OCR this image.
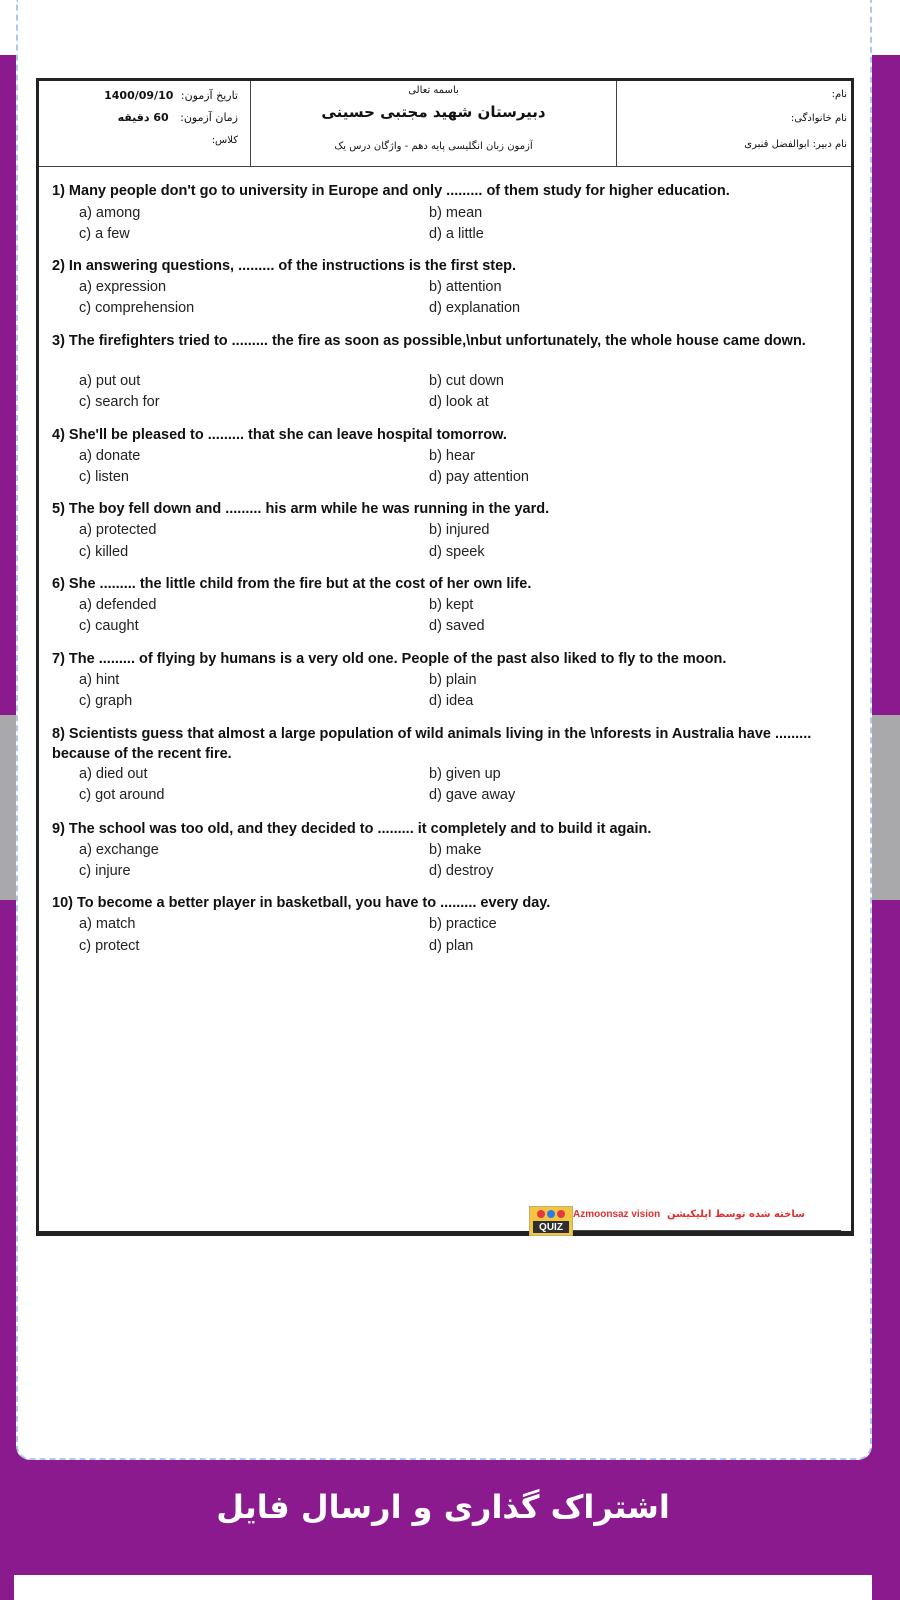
تاریخ آزمون: 1400/09/10
زمان آزمون: 60 دقیقه
کلاس:
باسمه تعالی
دبیرستان شهید مجتبی حسینی
آزمون زبان انگلیسی پایه دهم - واژگان درس یک
نام:
نام خانوادگی:
نام دبیر: ابوالفضل قنبری
1) Many people don't go to university in Europe and only ......... of them study for higher education.
a) among	b) mean
c) a few	d) a little
2) In answering questions, ......... of the instructions is the first step.
a) expression	b) attention
c) comprehension	d) explanation
3) The firefighters tried to ......... the fire as soon as possible,\nbut unfortunately, the whole house came down.
a) put out	b) cut down
c) search for	d) look at
4) She'll be pleased to ......... that she can leave hospital tomorrow.
a) donate	b) hear
c) listen	d) pay attention
5) The boy fell down and ......... his arm while he was running in the yard.
a) protected	b) injured
c) killed	d) speek
6) She ......... the little child from the fire but at the cost of her own life.
a) defended	b) kept
c) caught	d) saved
7) The ......... of flying by humans is a very old one. People of the past also liked to fly to the moon.
a) hint	b) plain
c) graph	d) idea
8) Scientists guess that almost a large population of wild animals living in the \nforests in Australia have ......... because of the recent fire.
a) died out	b) given up
c) got around	d) gave away
9) The school was too old, and they decided to ......... it completely and to build it again.
a) exchange	b) make
c) injure	d) destroy
10) To become a better player in basketball, you have to ......... every day.
a) match	b) practice
c) protect	d) plan
QUIZ
ساخته شده توسط اپلیکیشن Azmoonsaz vision
اشتراک گذاری و ارسال فایل
